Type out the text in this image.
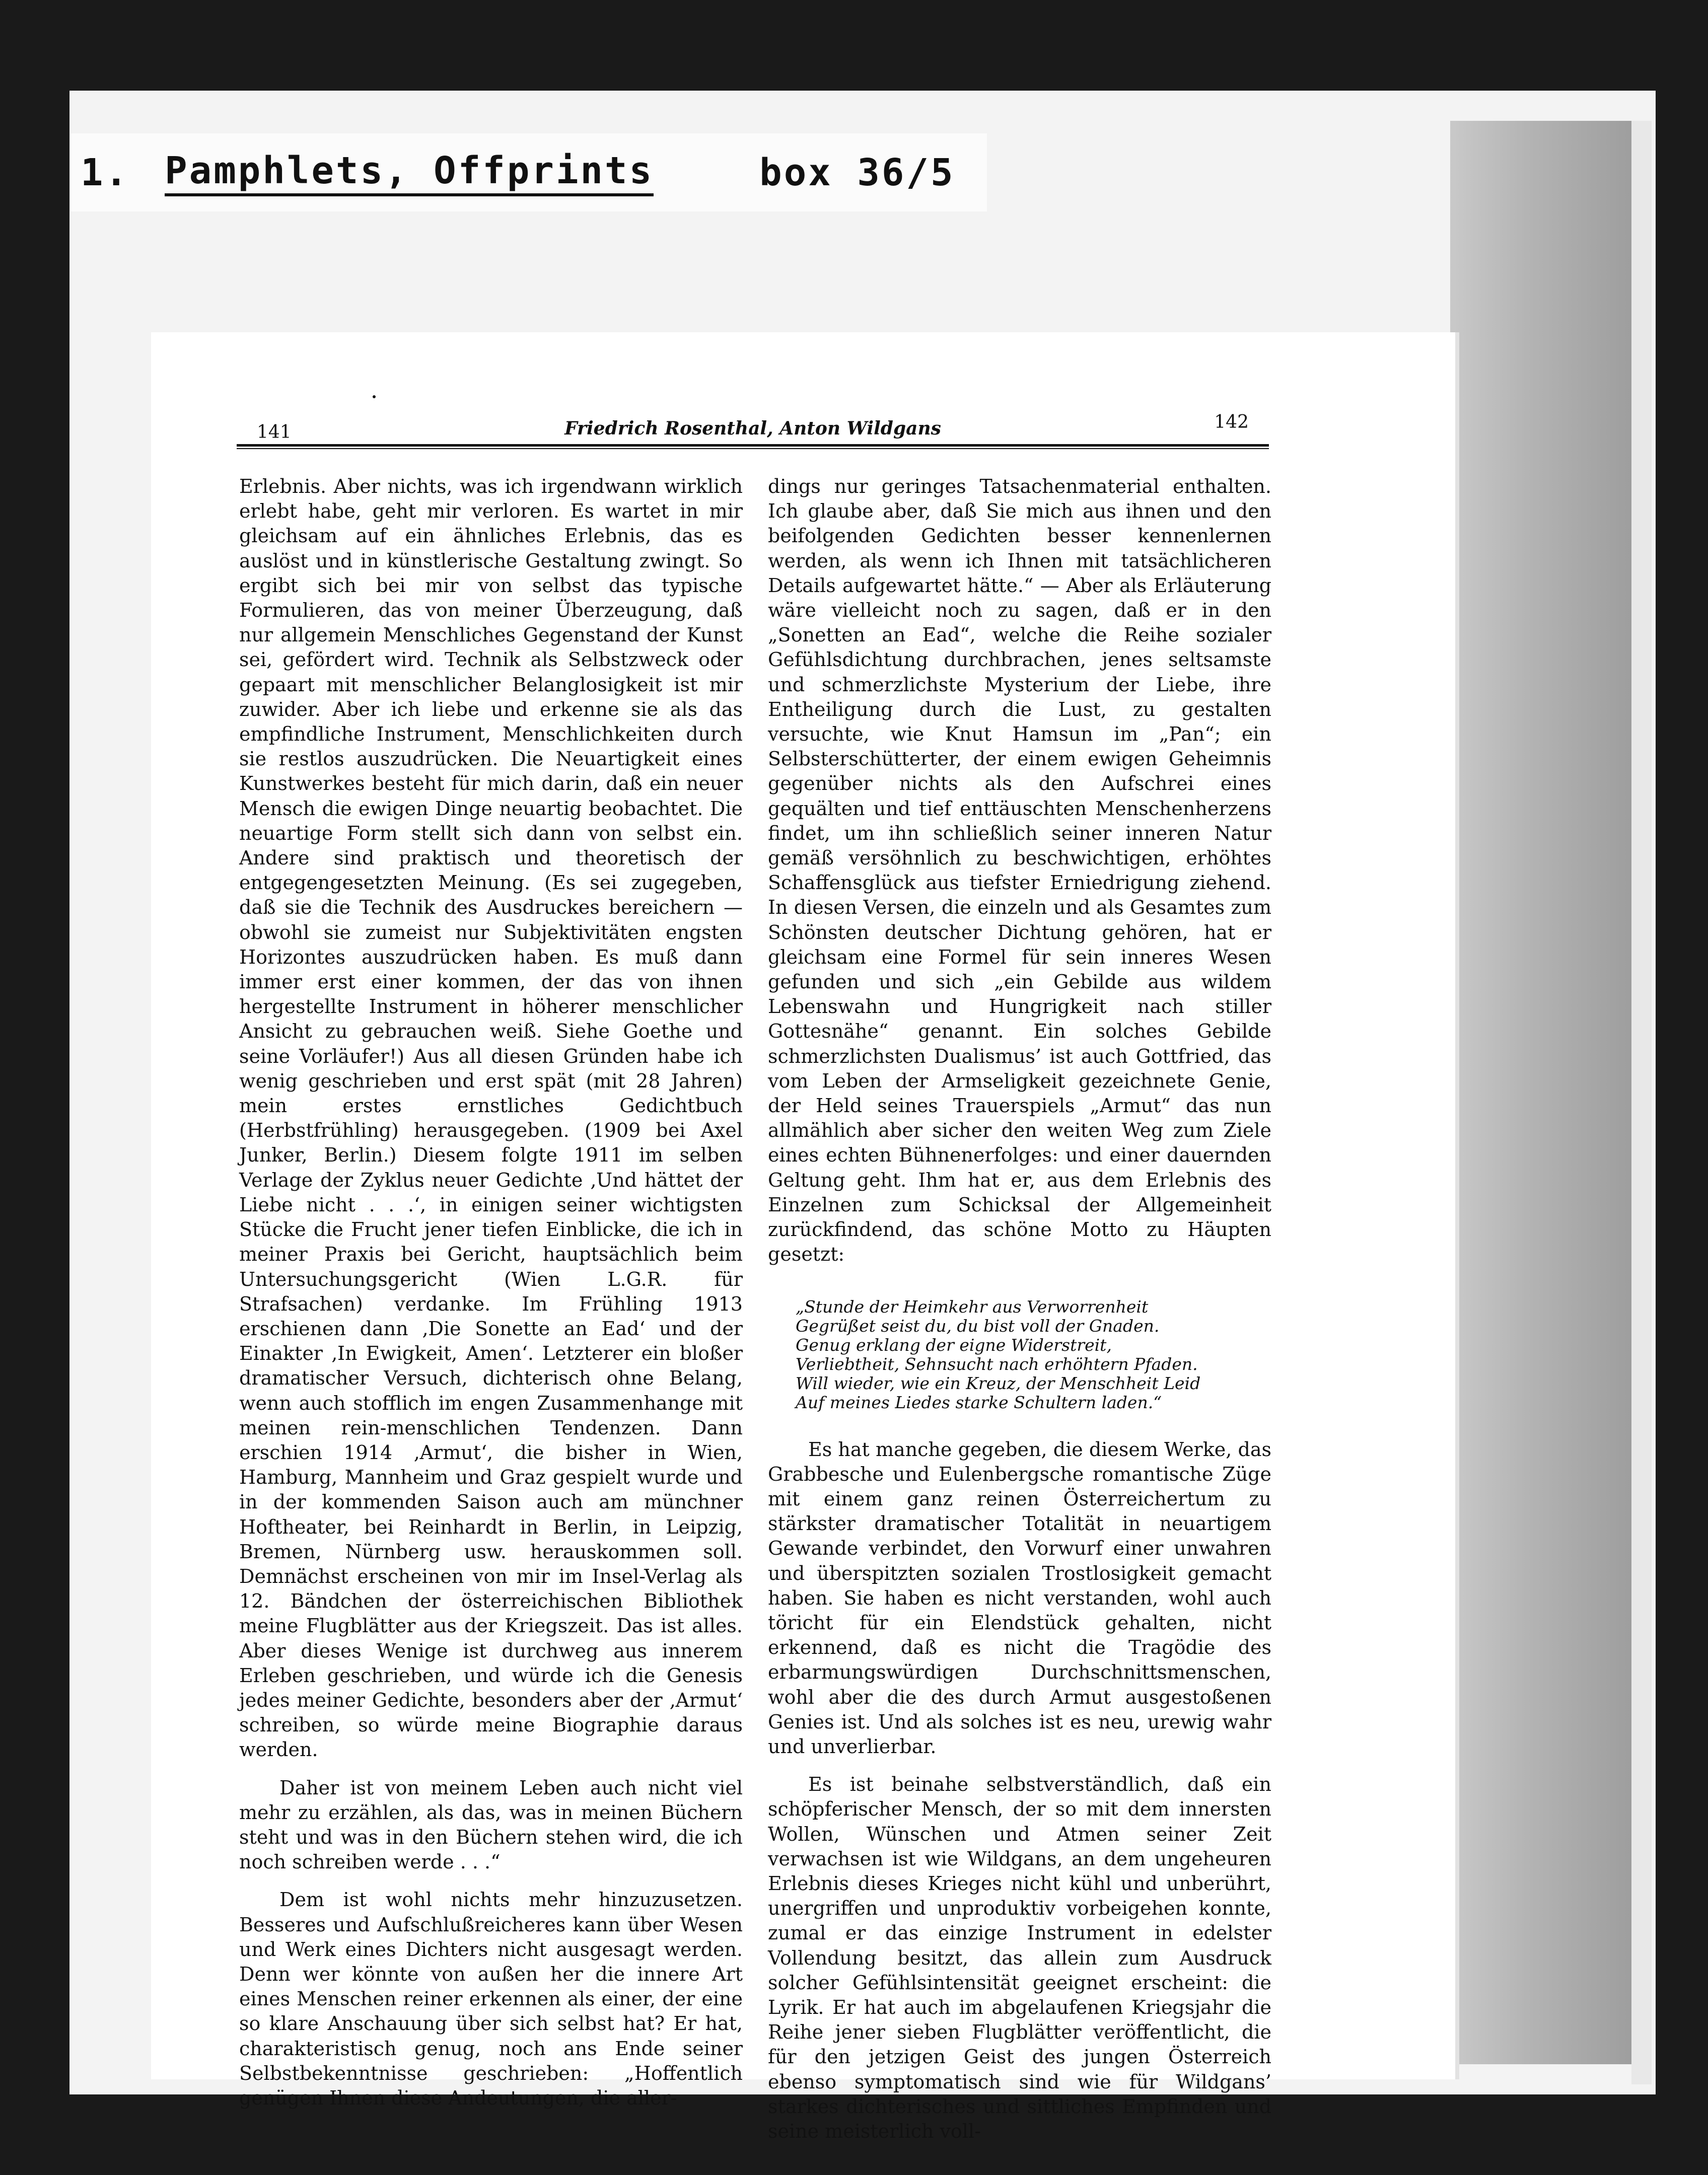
1. Pamphlets, Offprints	box 36/5
141	Friedrich Rosenthal, Anton Wildgans	142

Erlebnis. Aber nichts, was ich irgendwann wirklich erlebt habe, geht mir verloren. Es wartet in mir gleichsam auf ein ähnliches Erlebnis, das es auslöst und in künstlerische Gestaltung zwingt. So ergibt sich bei mir von selbst das typische Formulieren, das von meiner Überzeugung, daß nur allgemein Menschliches Gegenstand der Kunst sei, gefördert wird. Technik als Selbstzweck oder gepaart mit menschlicher Belanglosigkeit ist mir zuwider. Aber ich liebe und erkenne sie als das empfindliche Instrument, Menschlichkeiten durch sie restlos auszudrücken. Die Neuartigkeit eines Kunstwerkes besteht für mich darin, daß ein neuer Mensch die ewigen Dinge neuartig beobachtet. Die neuartige Form stellt sich dann von selbst ein. Andere sind praktisch und theoretisch der entgegengesetzten Meinung. (Es sei zugegeben, daß sie die Technik des Ausdruckes bereichern — obwohl sie zumeist nur Subjektivitäten engsten Horizontes auszudrücken haben. Es muß dann immer erst einer kommen, der das von ihnen hergestellte Instrument in höherer menschlicher Ansicht zu gebrauchen weiß. Siehe Goethe und seine Vorläufer!) Aus all diesen Gründen habe ich wenig geschrieben und erst spät (mit 28 Jahren) mein erstes ernstliches Gedichtbuch (Herbstfrühling) herausgegeben. (1909 bei Axel Junker, Berlin.) Diesem folgte 1911 im selben Verlage der Zyklus neuer Gedichte ‚Und hättet der Liebe nicht . . .‘, in einigen seiner wichtigsten Stücke die Frucht jener tiefen Einblicke, die ich in meiner Praxis bei Gericht, hauptsächlich beim Untersuchungsgericht (Wien L.G.R. für Strafsachen) verdanke. Im Frühling 1913 erschienen dann ‚Die Sonette an Ead‘ und der Einakter ‚In Ewigkeit, Amen‘. Letzterer ein bloßer dramatischer Versuch, dichterisch ohne Belang, wenn auch stofflich im engen Zusammenhange mit meinen rein-menschlichen Tendenzen. Dann erschien 1914 ‚Armut‘, die bisher in Wien, Hamburg, Mannheim und Graz gespielt wurde und in der kommenden Saison auch am münchner Hoftheater, bei Reinhardt in Berlin, in Leipzig, Bremen, Nürnberg usw. herauskommen soll. Demnächst erscheinen von mir im Insel-Verlag als 12. Bändchen der österreichischen Bibliothek meine Flugblätter aus der Kriegszeit. Das ist alles. Aber dieses Wenige ist durchweg aus innerem Erleben geschrieben, und würde ich die Genesis jedes meiner Gedichte, besonders aber der ‚Armut‘ schreiben, so würde meine Biographie daraus werden.

Daher ist von meinem Leben auch nicht viel mehr zu erzählen, als das, was in meinen Büchern steht und was in den Büchern stehen wird, die ich noch schreiben werde . . .“

Dem ist wohl nichts mehr hinzuzusetzen. Besseres und Aufschlußreicheres kann über Wesen und Werk eines Dichters nicht ausgesagt werden. Denn wer könnte von außen her die innere Art eines Menschen reiner erkennen als einer, der eine so klare Anschauung über sich selbst hat? Er hat, charakteristisch genug, noch ans Ende seiner Selbstbekenntnisse geschrieben: „Hoffentlich genügen Ihnen diese Andeutungen, die aller-

dings nur geringes Tatsachenmaterial enthalten. Ich glaube aber, daß Sie mich aus ihnen und den beifolgenden Gedichten besser kennenlernen werden, als wenn ich Ihnen mit tatsächlicheren Details aufgewartet hätte.“ — Aber als Erläuterung wäre vielleicht noch zu sagen, daß er in den „Sonetten an Ead“, welche die Reihe sozialer Gefühlsdichtung durchbrachen, jenes seltsamste und schmerzlichste Mysterium der Liebe, ihre Entheiligung durch die Lust, zu gestalten versuchte, wie Knut Hamsun im „Pan“; ein Selbsterschütterter, der einem ewigen Geheimnis gegenüber nichts als den Aufschrei eines gequälten und tief enttäuschten Menschenherzens findet, um ihn schließlich seiner inneren Natur gemäß versöhnlich zu beschwichtigen, erhöhtes Schaffensglück aus tiefster Erniedrigung ziehend. In diesen Versen, die einzeln und als Gesamtes zum Schönsten deutscher Dichtung gehören, hat er gleichsam eine Formel für sein inneres Wesen gefunden und sich „ein Gebilde aus wildem Lebenswahn und Hungrigkeit nach stiller Gottesnähe“ genannt. Ein solches Gebilde schmerzlichsten Dualismus’ ist auch Gottfried, das vom Leben der Armseligkeit gezeichnete Genie, der Held seines Trauerspiels „Armut“ das nun allmählich aber sicher den weiten Weg zum Ziele eines echten Bühnenerfolges: und einer dauernden Geltung geht. Ihm hat er, aus dem Erlebnis des Einzelnen zum Schicksal der Allgemeinheit zurückfindend, das schöne Motto zu Häupten gesetzt:

„Stunde der Heimkehr aus Verworrenheit
Gegrüßet seist du, du bist voll der Gnaden.
Genug erklang der eigne Widerstreit,
Verliebtheit, Sehnsucht nach erhöhtern Pfaden.
Will wieder, wie ein Kreuz, der Menschheit Leid
Auf meines Liedes starke Schultern laden.“

Es hat manche gegeben, die diesem Werke, das Grabbesche und Eulenbergsche romantische Züge mit einem ganz reinen Österreichertum zu stärkster dramatischer Totalität in neuartigem Gewande verbindet, den Vorwurf einer unwahren und überspitzten sozialen Trostlosigkeit gemacht haben. Sie haben es nicht verstanden, wohl auch töricht für ein Elendstück gehalten, nicht erkennend, daß es nicht die Tragödie des erbarmungswürdigen Durchschnittsmenschen, wohl aber die des durch Armut ausgestoßenen Genies ist. Und als solches ist es neu, urewig wahr und unverlierbar.

Es ist beinahe selbstverständlich, daß ein schöpferischer Mensch, der so mit dem innersten Wollen, Wünschen und Atmen seiner Zeit verwachsen ist wie Wildgans, an dem ungeheuren Erlebnis dieses Krieges nicht kühl und unberührt, unergriffen und unproduktiv vorbeigehen konnte, zumal er das einzige Instrument in edelster Vollendung besitzt, das allein zum Ausdruck solcher Gefühlsintensität geeignet erscheint: die Lyrik. Er hat auch im abgelaufenen Kriegsjahr die Reihe jener sieben Flugblätter veröffentlicht, die für den jetzigen Geist des jungen Österreich ebenso symptomatisch sind wie für Wildgans’ starkes dichterisches und sittliches Empfinden und seine meisterlich voll-
